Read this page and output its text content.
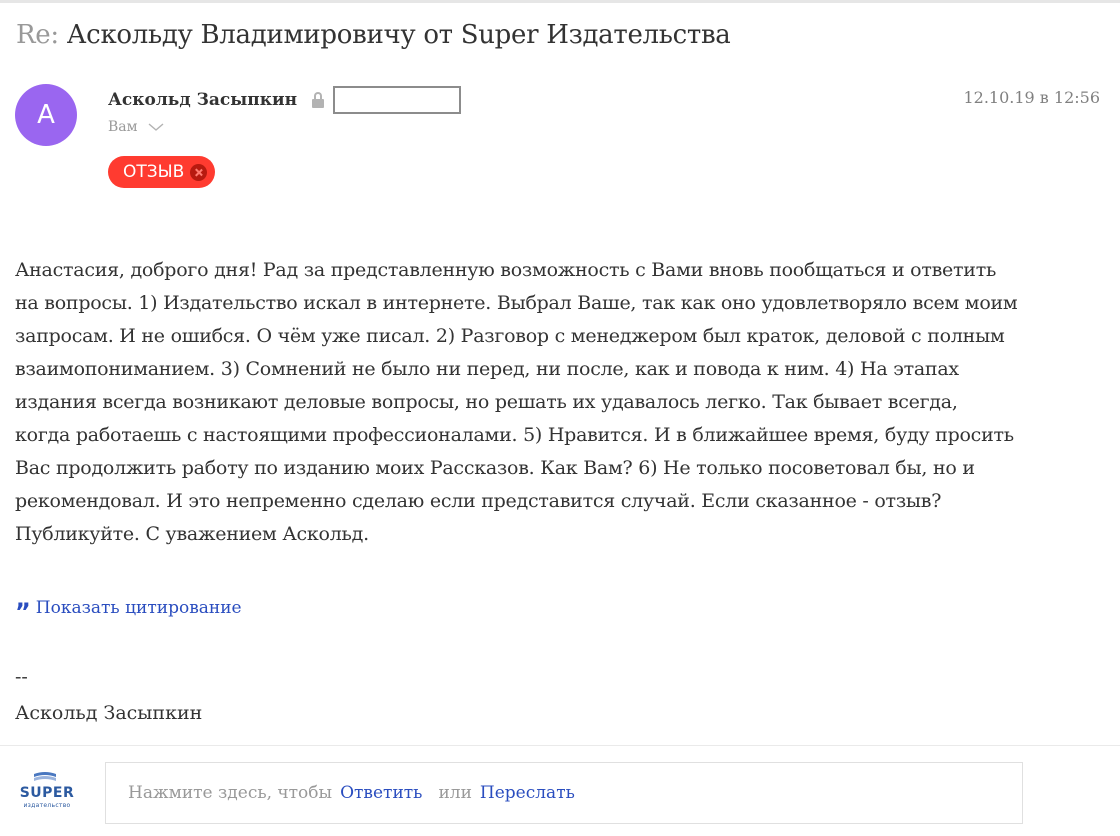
Re: Аскольду Владимировичу от Super Издательства
А	Аскольд Засыпкин
Вам
12.10.19 в 12:56
ОТЗЫВ
Анастасия, доброго дня! Рад за представленную возможность с Вами вновь пообщаться и ответить
на вопросы. 1) Издательство искал в интернете. Выбрал Ваше, так как оно удовлетворяло всем моим
запросам. И не ошибся. О чём уже писал. 2) Разговор с менеджером был краток, деловой с полным
взаимопониманием. 3) Сомнений не было ни перед, ни после, как и повода к ним. 4) На этапах
издания всегда возникают деловые вопросы, но решать их удавалось легко. Так бывает всегда,
когда работаешь с настоящими профессионалами. 5) Нравится. И в ближайшее время, буду просить
Вас продолжить работу по изданию моих Рассказов. Как Вам? 6) Не только посоветовал бы, но и
рекомендовал. И это непременно сделаю если представится случай. Если сказанное - отзыв?
Публикуйте. С уважением Аскольд.
” Показать цитирование
--
Аскольд Засыпкин
SUPER
издательство
Нажмите здесь, чтобы Ответить или Переслать
